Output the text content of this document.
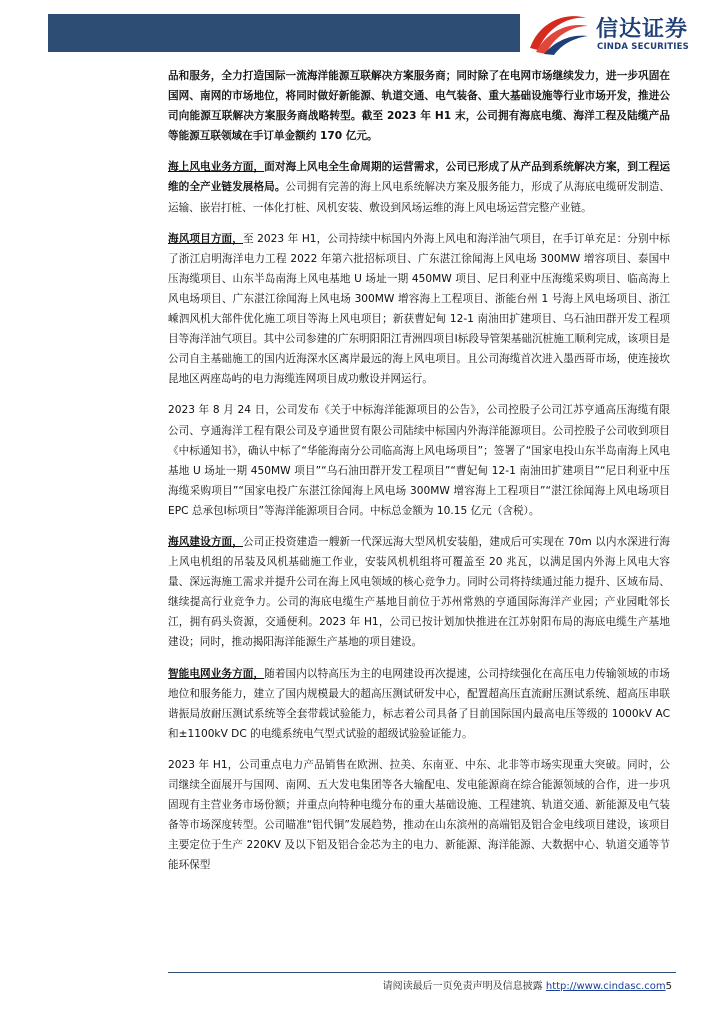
信达证券
CINDA SECURITIES

品和服务，全力打造国际一流海洋能源互联解决方案服务商；同时除了在电网市场继续发力，进一步巩固在国网、南网的市场地位，将同时做好新能源、轨道交通、电气装备、重大基础设施等行业市场开发，推进公司向能源互联解决方案服务商战略转型。截至 2023 年 H1 末，公司拥有海底电缆、海洋工程及陆缆产品等能源互联领域在手订单金额约 170 亿元。

海上风电业务方面，面对海上风电全生命周期的运营需求，公司已形成了从产品到系统解决方案，到工程运维的全产业链发展格局。公司拥有完善的海上风电系统解决方案及服务能力，形成了从海底电缆研发制造、运输、嵌岩打桩、一体化打桩、风机安装、敷设到风场运维的海上风电场运营完整产业链。

海风项目方面，至 2023 年 H1，公司持续中标国内外海上风电和海洋油气项目，在手订单充足：分别中标了浙江启明海洋电力工程 2022 年第六批招标项目、广东湛江徐闻海上风电场 300MW 增容项目、泰国中压海缆项目、山东半岛南海上风电基地 U 场址一期 450MW 项目、尼日利亚中压海缆采购项目、临高海上风电场项目、广东湛江徐闻海上风电场 300MW 增容海上工程项目、浙能台州 1 号海上风电场项目、浙江嵊泗风机大部件优化施工项目等海上风电项目；新获曹妃甸 12-1 南油田扩建项目、乌石油田群开发工程项目等海洋油气项目。其中公司参建的广东明阳阳江青洲四项目Ⅰ标段导管架基础沉桩施工顺利完成，该项目是公司自主基础施工的国内近海深水区离岸最远的海上风电项目。且公司海缆首次进入墨西哥市场，使连接坎昆地区两座岛屿的电力海缆连网项目成功敷设并网运行。

2023 年 8 月 24 日，公司发布《关于中标海洋能源项目的公告》，公司控股子公司江苏亨通高压海缆有限公司、亨通海洋工程有限公司及亨通世贸有限公司陆续中标国内外海洋能源项目。公司控股子公司收到项目《中标通知书》，确认中标了“华能海南分公司临高海上风电场项目”；签署了“国家电投山东半岛南海上风电基地 U 场址一期 450MW 项目”“乌石油田群开发工程项目”“曹妃甸 12-1 南油田扩建项目”“尼日利亚中压海缆采购项目”“国家电投广东湛江徐闻海上风电场 300MW 增容海上工程项目”“湛江徐闻海上风电场项目 EPC 总承包Ⅰ标项目”等海洋能源项目合同。中标总金额为 10.15 亿元（含税）。

海风建设方面，公司正投资建造一艘新一代深远海大型风机安装船，建成后可实现在 70m 以内水深进行海上风电机组的吊装及风机基础施工作业，安装风机机组将可覆盖至 20 兆瓦，以满足国内外海上风电大容量、深远海施工需求并提升公司在海上风电领域的核心竞争力。同时公司将持续通过能力提升、区域布局、继续提高行业竞争力。公司的海底电缆生产基地目前位于苏州常熟的亨通国际海洋产业园；产业园毗邻长江，拥有码头资源，交通便利。2023 年 H1，公司已按计划加快推进在江苏射阳布局的海底电缆生产基地建设；同时，推动揭阳海洋能源生产基地的项目建设。

智能电网业务方面，随着国内以特高压为主的电网建设再次提速，公司持续强化在高压电力传输领域的市场地位和服务能力，建立了国内规模最大的超高压测试研发中心，配置超高压直流耐压测试系统、超高压串联谐振局放耐压测试系统等全套带载试验能力，标志着公司具备了目前国际国内最高电压等级的 1000kV AC 和±1100kV DC 的电缆系统电气型式试验的超级试验验证能力。

2023 年 H1，公司重点电力产品销售在欧洲、拉美、东南亚、中东、北非等市场实现重大突破。同时，公司继续全面展开与国网、南网、五大发电集团等各大输配电、发电能源商在综合能源领域的合作，进一步巩固现有主营业务市场份额；并重点向特种电缆分布的重大基础设施、工程建筑、轨道交通、新能源及电气装备等市场深度转型。公司瞄准“铝代铜”发展趋势，推动在山东滨州的高端铝及铝合金电线项目建设，该项目主要定位于生产 220KV 及以下铝及铝合金芯为主的电力、新能源、海洋能源、大数据中心、轨道交通等节能环保型

请阅读最后一页免责声明及信息披露 http://www.cindasc.com5
